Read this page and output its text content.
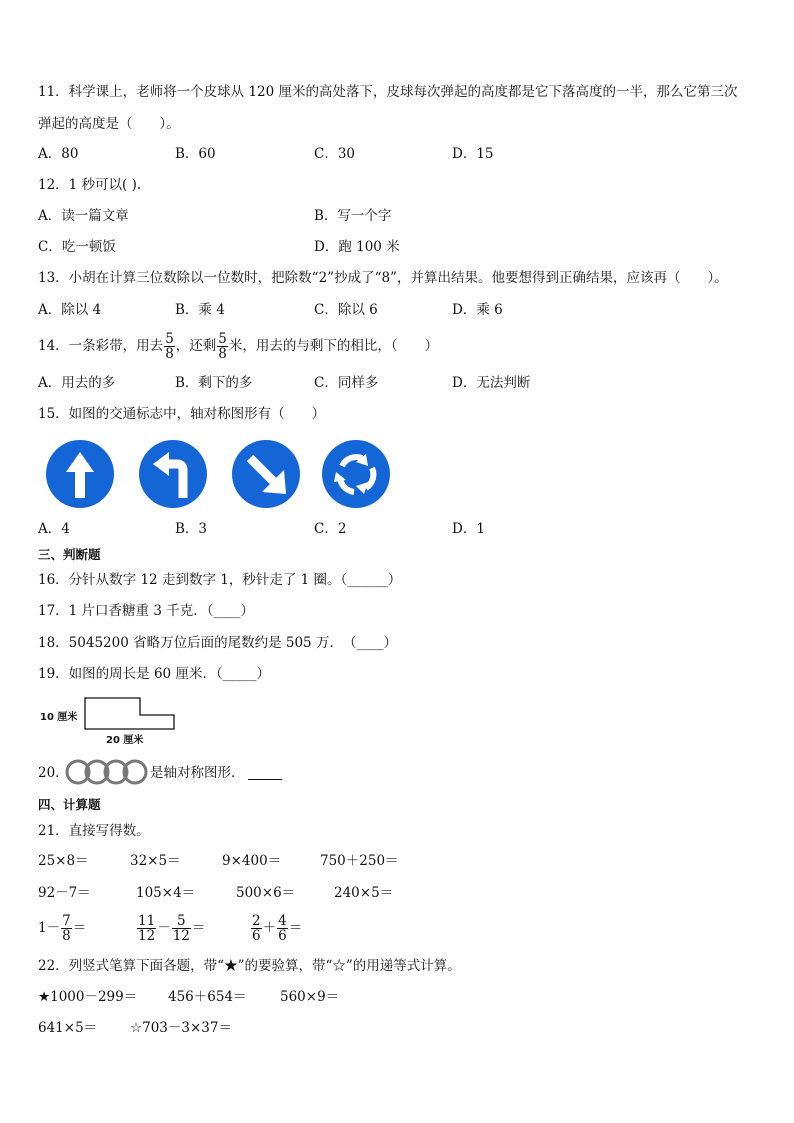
11．科学课上，老师将一个皮球从 120 厘米的高处落下，皮球每次弹起的高度都是它下落高度的一半，那么它第三次
弹起的高度是（　　）。
A．80	B．60	C．30	D．15
12．1 秒可以( ).
A．读一篇文章	B．写一个字
C．吃一顿饭	D．跑 100 米
13．小胡在计算三位数除以一位数时，把除数“2”抄成了“8”，并算出结果。他要想得到正确结果，应该再（　　）。
A．除以 4	B．乘 4	C．除以 6	D．乘 6
14．一条彩带，用去 $\frac{5}{8}$ ，还剩 $\frac{5}{8}$ 米，用去的与剩下的相比，（　　）
A．用去的多	B．剩下的多	C．同样多	D．无法判断
15．如图的交通标志中，轴对称图形有（　　）
A．4	B．3	C．2	D．1
三、判断题
16．分针从数字 12 走到数字 1，秒针走了 1 圈。（______）
17．1 片口香糖重 3 千克．（____）
18．5045200 省略万位后面的尾数约是 505 万．　（____）
19．如图的周长是 60 厘米．（_____）
10 厘米
20 厘米
20．	是轴对称图形．
四、计算题
21．直接写得数。
25×8＝	32×5＝	9×400＝	750＋250＝
92－7＝	105×4＝	500×6＝	240×5＝
$1- \frac{7}{8}$ ＝	$\frac{11}{12} - \frac{5}{12}$ ＝	$\frac{2}{6} + \frac{4}{6}$ ＝
22．列竖式笔算下面各题，带“★”的要验算，带“☆”的用递等式计算。
★1000－299＝ 456＋654＝ 560×9＝
641×5＝ ☆703－3×37＝
